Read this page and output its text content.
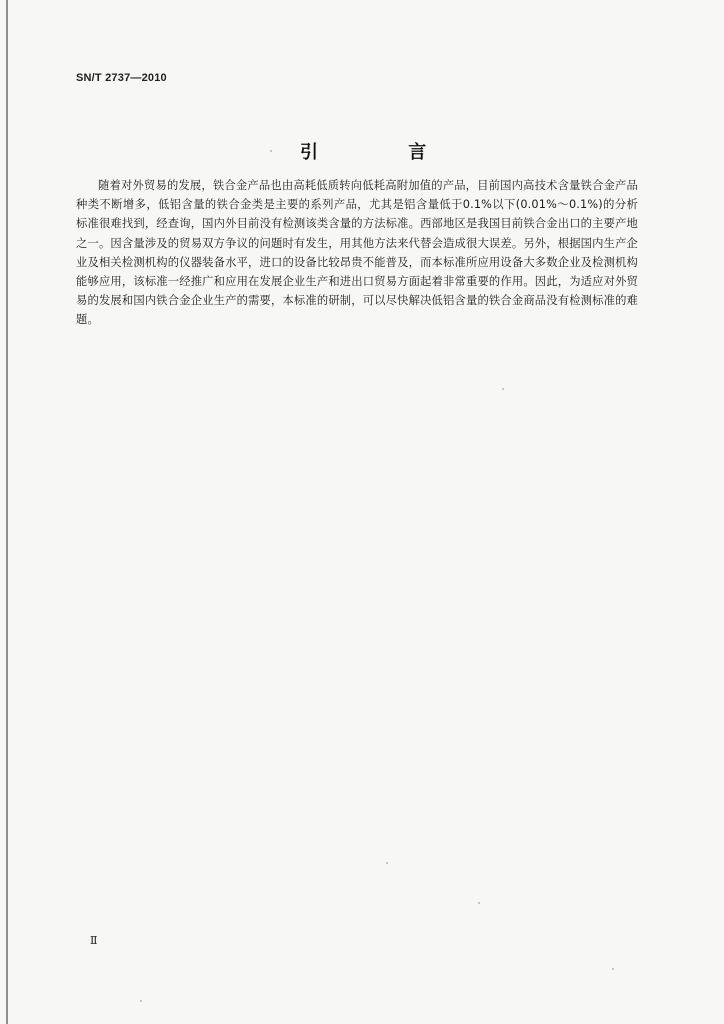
SN/T 2737—2010
引 言

随着对外贸易的发展，铁合金产品也由高耗低质转向低耗高附加值的产品，目前国内高技术含量铁合金产品种类不断增多，低铝含量的铁合金类是主要的系列产品，尤其是铝含量低于0.1%以下(0.01%～0.1%)的分析标准很难找到，经查询，国内外目前没有检测该类含量的方法标准。西部地区是我国目前铁合金出口的主要产地之一。因含量涉及的贸易双方争议的问题时有发生，用其他方法来代替会造成很大误差。另外，根据国内生产企业及相关检测机构的仪器装备水平，进口的设备比较昂贵不能普及，而本标准所应用设备大多数企业及检测机构能够应用，该标准一经推广和应用在发展企业生产和进出口贸易方面起着非常重要的作用。因此，为适应对外贸易的发展和国内铁合金企业生产的需要，本标准的研制，可以尽快解决低铝含量的铁合金商品没有检测标准的难题。

Ⅱ
